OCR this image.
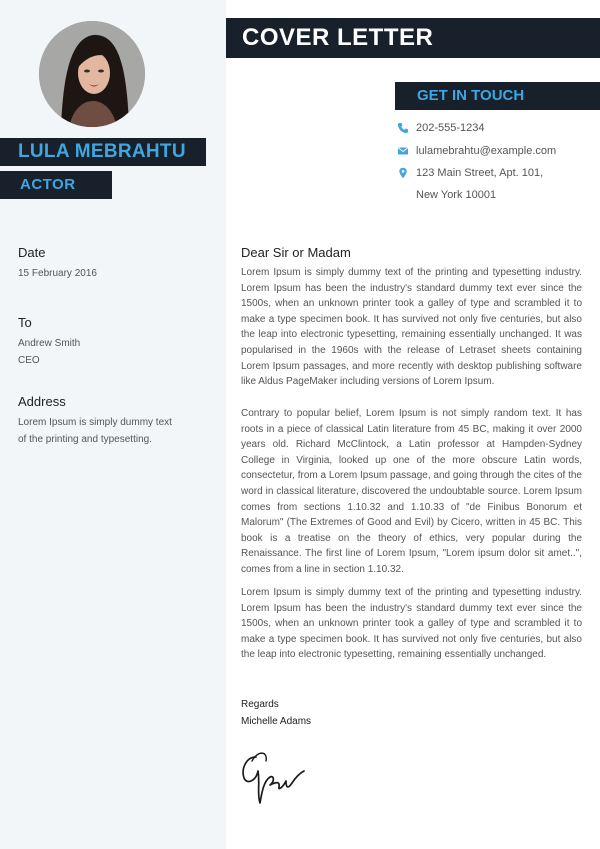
LULA MEBRAHTU
ACTOR
Date
15 February 2016
To
Andrew Smith
CEO
Address
Lorem Ipsum is simply dummy text
of the printing and typesetting.
COVER LETTER
GET IN TOUCH
202-555-1234
lulamebrahtu@example.com
123 Main Street, Apt. 101,
New York 10001
Dear Sir or Madam
Lorem Ipsum is simply dummy text of the printing and typesetting industry. Lorem Ipsum has been the industry's standard dummy text ever since the 1500s, when an unknown printer took a galley of type and scrambled it to make a type specimen book. It has survived not only five centuries, but also the leap into electronic typesetting, remaining essentially unchanged. It was popularised in the 1960s with the release of Letraset sheets containing Lorem Ipsum passages, and more recently with desktop publishing software like Aldus PageMaker including versions of Lorem Ipsum.
Contrary to popular belief, Lorem Ipsum is not simply random text. It has roots in a piece of classical Latin literature from 45 BC, making it over 2000 years old. Richard McClintock, a Latin professor at Hampden-Sydney College in Virginia, looked up one of the more obscure Latin words, consectetur, from a Lorem Ipsum passage, and going through the cites of the word in classical literature, discovered the undoubtable source. Lorem Ipsum comes from sections 1.10.32 and 1.10.33 of "de Finibus Bonorum et Malorum" (The Extremes of Good and Evil) by Cicero, written in 45 BC. This book is a treatise on the theory of ethics, very popular during the Renaissance. The first line of Lorem Ipsum, "Lorem ipsum dolor sit amet..", comes from a line in section 1.10.32.
Lorem Ipsum is simply dummy text of the printing and typesetting industry. Lorem Ipsum has been the industry's standard dummy text ever since the 1500s, when an unknown printer took a galley of type and scrambled it to make a type specimen book. It has survived not only five centuries, but also the leap into electronic typesetting, remaining essentially unchanged.
Regards
Michelle Adams
